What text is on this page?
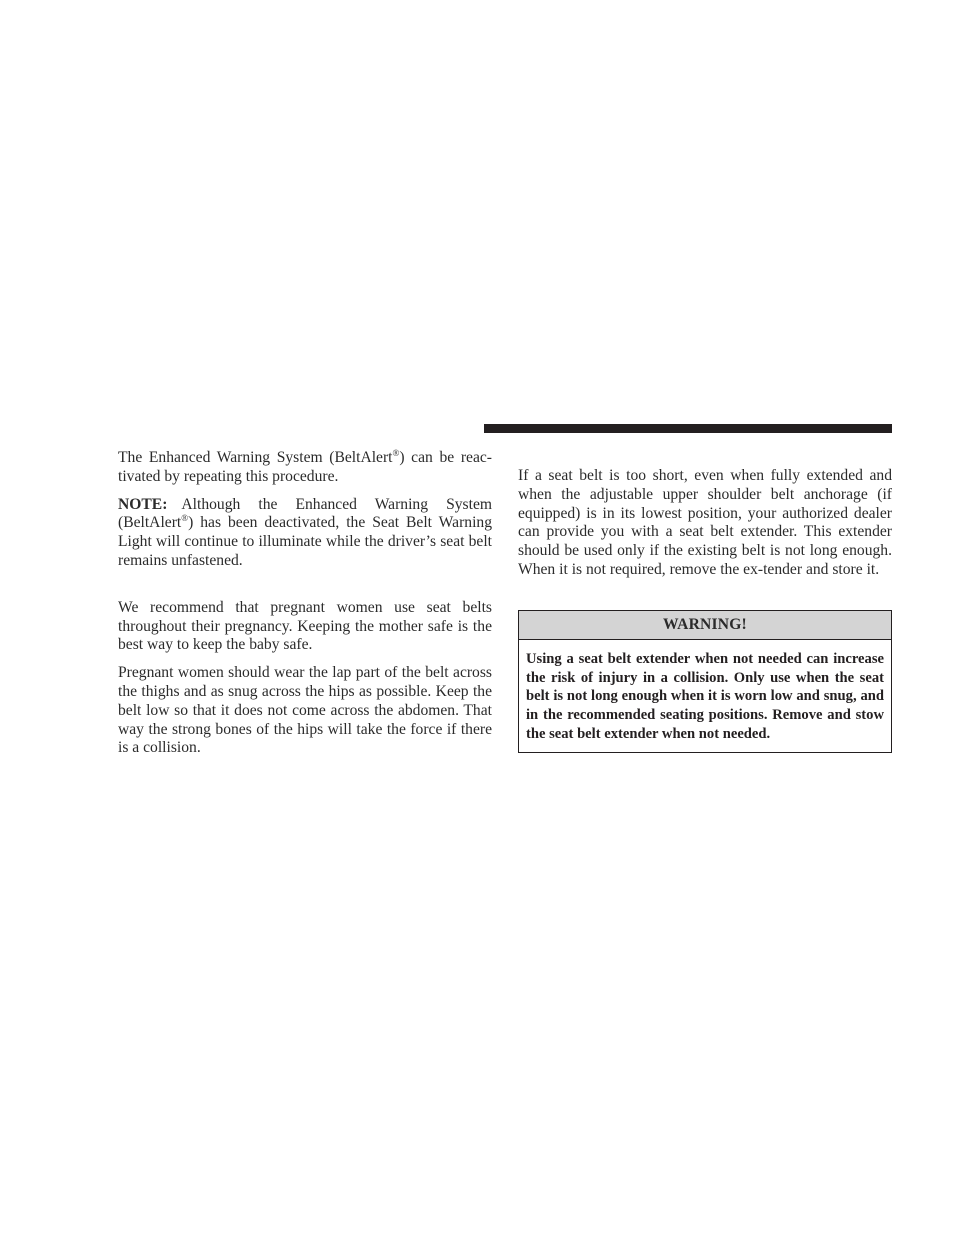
The Enhanced Warning System (BeltAlert®) can be reac-tivated by repeating this procedure.

NOTE: Although the Enhanced Warning System (BeltAlert®) has been deactivated, the Seat Belt Warning Light will continue to illuminate while the driver’s seat belt remains unfastened.

We recommend that pregnant women use seat belts throughout their pregnancy. Keeping the mother safe is the best way to keep the baby safe.

Pregnant women should wear the lap part of the belt across the thighs and as snug across the hips as possible. Keep the belt low so that it does not come across the abdomen. That way the strong bones of the hips will take the force if there is a collision.

If a seat belt is too short, even when fully extended and when the adjustable upper shoulder belt anchorage (if equipped) is in its lowest position, your authorized dealer can provide you with a seat belt extender. This extender should be used only if the existing belt is not long enough. When it is not required, remove the ex-tender and store it.

WARNING!

Using a seat belt extender when not needed can increase the risk of injury in a collision. Only use when the seat belt is not long enough when it is worn low and snug, and in the recommended seating positions. Remove and stow the seat belt extender when not needed.
